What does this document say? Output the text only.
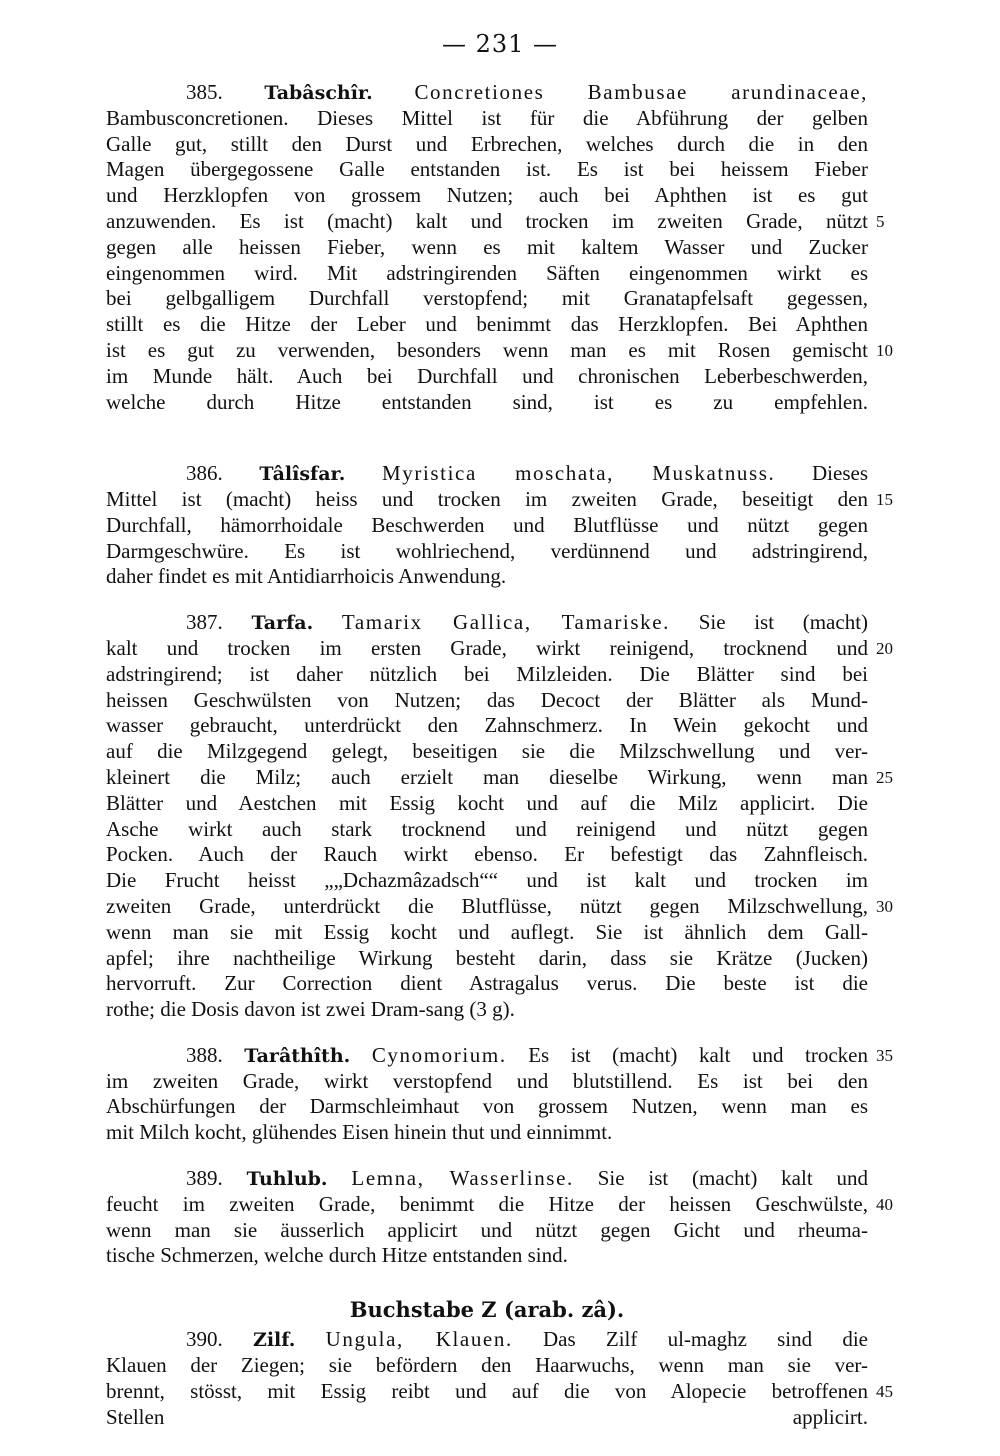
— 231 —
385. Tabâschîr. Concretiones Bambusae arundinaceae,
Bambusconcretionen. Dieses Mittel ist für die Abführung der gelben
Galle gut, stillt den Durst und Erbrechen, welches durch die in den
Magen übergegossene Galle entstanden ist. Es ist bei heissem Fieber
und Herzklopfen von grossem Nutzen; auch bei Aphthen ist es gut
anzuwenden. Es ist (macht) kalt und trocken im zweiten Grade, nützt 5
gegen alle heissen Fieber, wenn es mit kaltem Wasser und Zucker
eingenommen wird. Mit adstringirenden Säften eingenommen wirkt es
bei gelbgalligem Durchfall verstopfend; mit Granatapfelsaft gegessen,
stillt es die Hitze der Leber und benimmt das Herzklopfen. Bei Aphthen
ist es gut zu verwenden, besonders wenn man es mit Rosen gemischt 10
im Munde hält. Auch bei Durchfall und chronischen Leberbeschwerden,
welche durch Hitze entstanden sind, ist es zu empfehlen.
386. Tâlîsfar. Myristica moschata, Muskatnuss. Dieses
Mittel ist (macht) heiss und trocken im zweiten Grade, beseitigt den 15
Durchfall, hämorrhoidale Beschwerden und Blutflüsse und nützt gegen
Darmgeschwüre. Es ist wohlriechend, verdünnend und adstringirend,
daher findet es mit Antidiarrhoicis Anwendung.
387. Tarfa. Tamarix Gallica, Tamariske. Sie ist (macht)
kalt und trocken im ersten Grade, wirkt reinigend, trocknend und 20
adstringirend; ist daher nützlich bei Milzleiden. Die Blätter sind bei
heissen Geschwülsten von Nutzen; das Decoct der Blätter als Mund-
wasser gebraucht, unterdrückt den Zahnschmerz. In Wein gekocht und
auf die Milzgegend gelegt, beseitigen sie die Milzschwellung und ver-
kleinert die Milz; auch erzielt man dieselbe Wirkung, wenn man 25
Blätter und Aestchen mit Essig kocht und auf die Milz applicirt. Die
Asche wirkt auch stark trocknend und reinigend und nützt gegen
Pocken. Auch der Rauch wirkt ebenso. Er befestigt das Zahnfleisch.
Die Frucht heisst „„Dchazmâzadsch““ und ist kalt und trocken im
zweiten Grade, unterdrückt die Blutflüsse, nützt gegen Milzschwellung, 30
wenn man sie mit Essig kocht und auflegt. Sie ist ähnlich dem Gall-
apfel; ihre nachtheilige Wirkung besteht darin, dass sie Krätze (Jucken)
hervorruft. Zur Correction dient Astragalus verus. Die beste ist die
rothe; die Dosis davon ist zwei Dram-sang (3 g).
388. Tarâthîth. Cynomorium. Es ist (macht) kalt und trocken 35
im zweiten Grade, wirkt verstopfend und blutstillend. Es ist bei den
Abschürfungen der Darmschleimhaut von grossem Nutzen, wenn man es
mit Milch kocht, glühendes Eisen hinein thut und einnimmt.
389. Tuhlub. Lemna, Wasserlinse. Sie ist (macht) kalt und
feucht im zweiten Grade, benimmt die Hitze der heissen Geschwülste, 40
wenn man sie äusserlich applicirt und nützt gegen Gicht und rheuma-
tische Schmerzen, welche durch Hitze entstanden sind.
Buchstabe Z (arab. zâ).
390. Zilf. Ungula, Klauen. Das Zilf ul-maghz sind die
Klauen der Ziegen; sie befördern den Haarwuchs, wenn man sie ver-
brennt, stösst, mit Essig reibt und auf die von Alopecie betroffenen 45
Stellen applicirt.
